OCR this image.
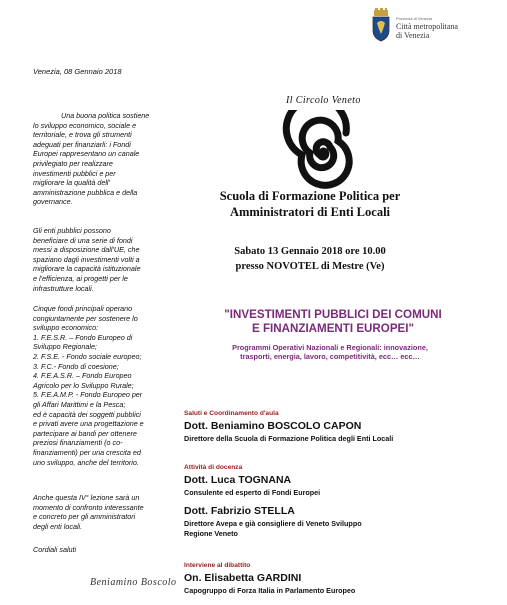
Provincia di Venezia
Città metropolitana
di Venezia
Venezia, 08 Gennaio 2018
Una buona politica sostiene
lo sviluppo economico, sociale e
territoriale, e trova gli strumenti
adeguati per finanziarli: i Fondi
Europei rappresentano un canale
privilegiato per realizzare
investimenti pubblici e per
migliorare la qualità dell'
amministrazione pubblica e della
governance.
Gli enti pubblici possono
beneficiare di una serie di fondi
messi a disposizione dall'UE, che
spaziano dagli investimenti volti a
migliorare la capacità istituzionale
e l'efficienza, ai progetti per le
infrastrutture locali.
Cinque fondi principali operano
congiuntamente per sostenere lo
sviluppo economico:
1. F.E.S.R. – Fondo Europeo di
Sviluppo Regionale;
2. F.S.E. - Fondo sociale europeo;
3. F.C.- Fondo di coesione;
4. F.E.A.S.R. – Fondo Europeo
Agricolo per lo Sviluppo Rurale;
5. F.E.A.M.P. - Fondo Europeo per
gli Affari Marittimi e la Pesca;
ed è capacità dei soggetti pubblici
e privati avere una progettazione e
partecipare ai bandi per ottenere
preziosi finanziamenti (o co-
finanziamenti) per una crescita ed
uno sviluppo, anche del territorio.
Anche questa IV° lezione sarà un
momento di confronto interessante
e concreto per gli amministratori
degli enti locali.
Cordiali saluti
Beniamino Boscolo
Il Circolo Veneto
Scuola di Formazione Politica per
Amministratori di Enti Locali
Sabato 13 Gennaio 2018 ore 10.00
presso NOVOTEL di Mestre (Ve)
"INVESTIMENTI PUBBLICI DEI COMUNI
E FINANZIAMENTI EUROPEI"
Programmi Operativi Nazionali e Regionali: innovazione,
trasporti, energia, lavoro, competitività, ecc… ecc…
Saluti e Coordinamento d'aula
Dott. Beniamino BOSCOLO CAPON
Direttore della Scuola di Formazione Politica degli Enti Locali
Attività di docenza
Dott. Luca TOGNANA
Consulente ed esperto di Fondi Europei
Dott. Fabrizio STELLA
Direttore Avepa e già consigliere di Veneto Sviluppo
Regione Veneto
Interviene al dibattito
On. Elisabetta GARDINI
Capogruppo di Forza Italia in Parlamento Europeo
